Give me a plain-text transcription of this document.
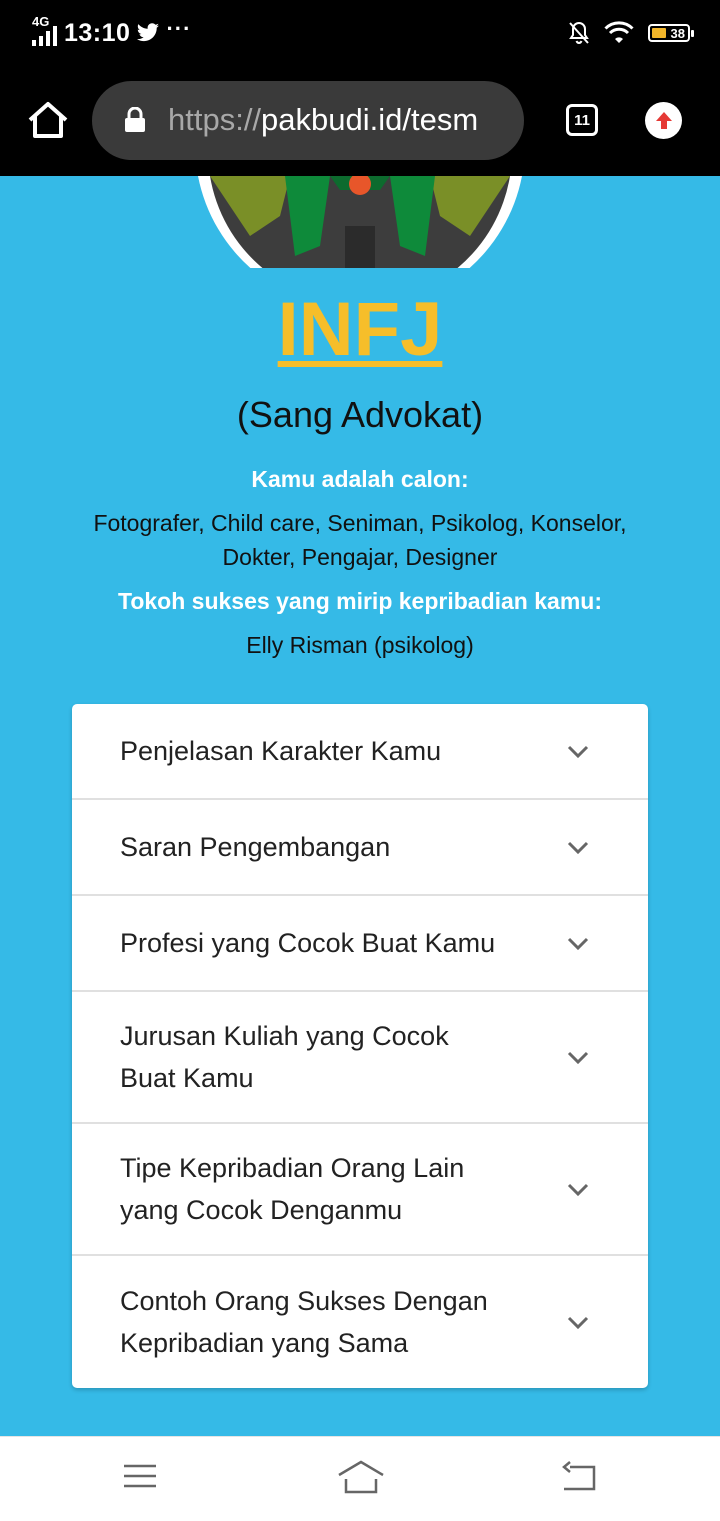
4G 13:10 ···	38
https://pakbudi.id/tesm	11
INFJ
(Sang Advokat)
Kamu adalah calon:
Fotografer, Child care, Seniman, Psikolog, Konselor, Dokter, Pengajar, Designer
Tokoh sukses yang mirip kepribadian kamu:
Elly Risman (psikolog)
Penjelasan Karakter Kamu
Saran Pengembangan
Profesi yang Cocok Buat Kamu
Jurusan Kuliah yang Cocok Buat Kamu
Tipe Kepribadian Orang Lain yang Cocok Denganmu
Contoh Orang Sukses Dengan Kepribadian yang Sama
